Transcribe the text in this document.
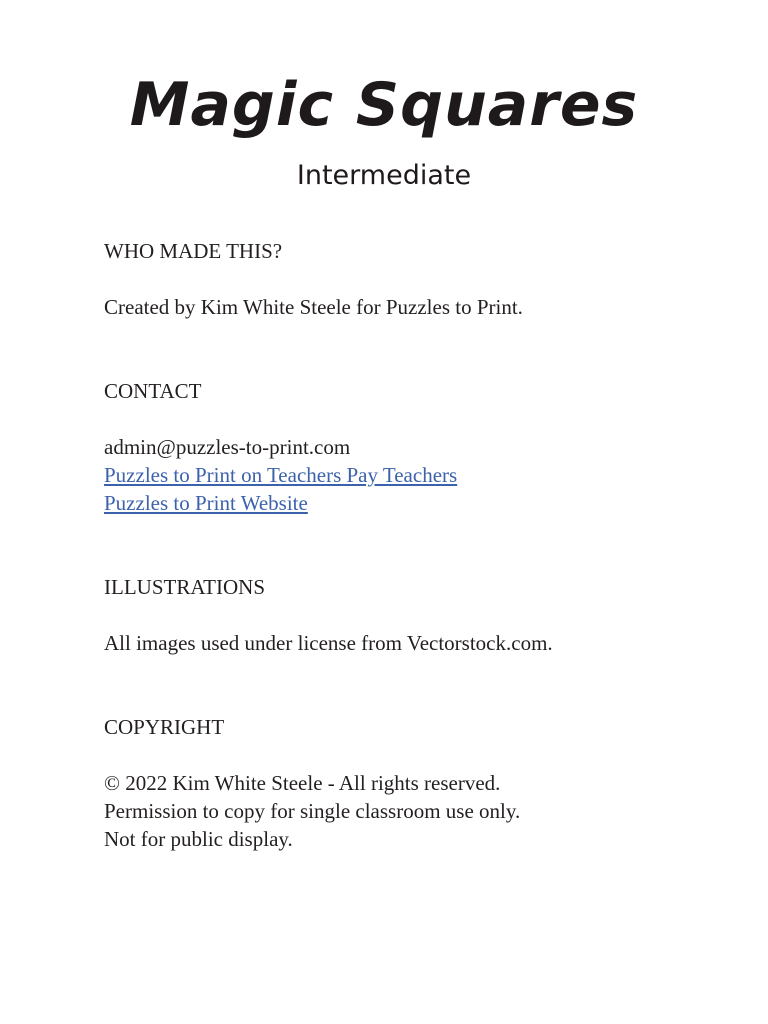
Magic Squares
Intermediate
WHO MADE THIS?

Created by Kim White Steele for Puzzles to Print.

CONTACT
admin@puzzles-to-print.com
Puzzles to Print on Teachers Pay Teachers
Puzzles to Print Website
ILLUSTRATIONS

All images used under license from Vectorstock.com.

COPYRIGHT
© 2022 Kim White Steele - All rights reserved.
Permission to copy for single classroom use only.
Not for public display.
